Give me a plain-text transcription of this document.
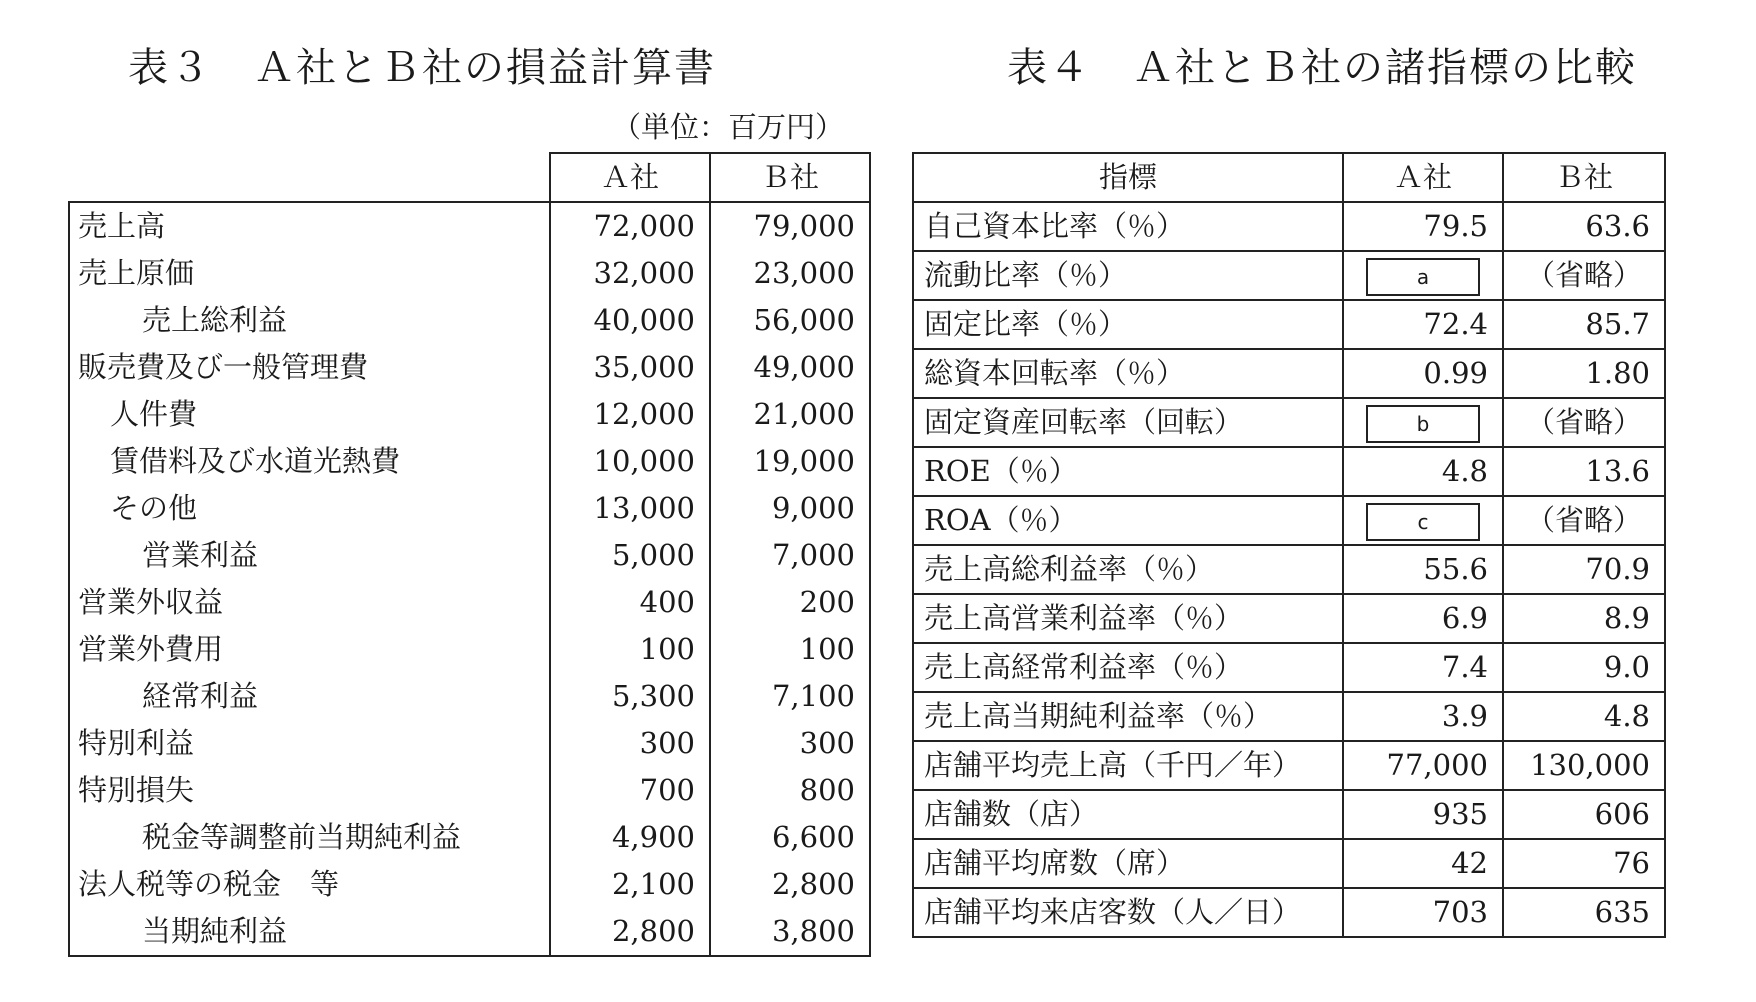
表３　Ａ社とＢ社の損益計算書
（単位：百万円）
	Ａ社	Ｂ社
売上高	72,000	79,000
売上原価	32,000	23,000
売上総利益	40,000	56,000
販売費及び一般管理費	35,000	49,000
人件費	12,000	21,000
賃借料及び水道光熱費	10,000	19,000
その他	13,000	9,000
営業利益	5,000	7,000
営業外収益	400	200
営業外費用	100	100
経常利益	5,300	7,100
特別利益	300	300
特別損失	700	800
税金等調整前当期純利益	4,900	6,600
法人税等の税金　等	2,100	2,800
当期純利益	2,800	3,800
表４　Ａ社とＢ社の諸指標の比較
指標	Ａ社	Ｂ社
自己資本比率（％）	79.5	63.6
流動比率（％）	a	（省略）
固定比率（％）	72.4	85.7
総資本回転率（％）	0.99	1.80
固定資産回転率（回転）	b	（省略）
ROE（％）	4.8	13.6
ROA（％）	c	（省略）
売上高総利益率（％）	55.6	70.9
売上高営業利益率（％）	6.9	8.9
売上高経常利益率（％）	7.4	9.0
売上高当期純利益率（％）	3.9	4.8
店舗平均売上高（千円／年）	77,000	130,000
店舗数（店）	935	606
店舗平均席数（席）	42	76
店舗平均来店客数（人／日）	703	635
